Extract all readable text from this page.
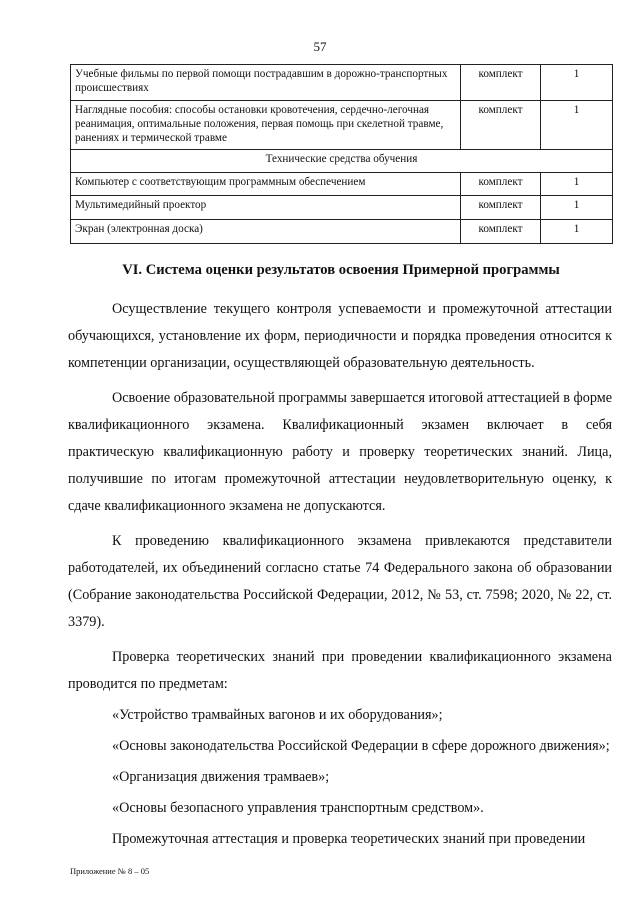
57
Учебные фильмы по первой помощи пострадавшим в дорожно-транспортных происшествиях	комплект	1
Наглядные пособия: способы остановки кровотечения, сердечно-легочная реанимация, оптимальные положения, первая помощь при скелетной травме, ранениях и термической травме	комплект	1
Технические средства обучения		
Компьютер с соответствующим программным обеспечением	комплект	1
Мультимедийный проектор	комплект	1
Экран (электронная доска)	комплект	1
VI. Система оценки результатов освоения Примерной программы

Осуществление текущего контроля успеваемости и промежуточной аттестации обучающихся, установление их форм, периодичности и порядка проведения относится к компетенции организации, осуществляющей образовательную деятельность.

Освоение образовательной программы завершается итоговой аттестацией в форме квалификационного экзамена. Квалификационный экзамен включает в себя практическую квалификационную работу и проверку теоретических знаний. Лица, получившие по итогам промежуточной аттестации неудовлетворительную оценку, к сдаче квалификационного экзамена не допускаются.

К проведению квалификационного экзамена привлекаются представители работодателей, их объединений согласно статье 74 Федерального закона об образовании (Собрание законодательства Российской Федерации, 2012, № 53, ст. 7598; 2020, № 22, ст. 3379).

Проверка теоретических знаний при проведении квалификационного экзамена проводится по предметам:

«Устройство трамвайных вагонов и их оборудования»;

«Основы законодательства Российской Федерации в сфере дорожного движения»;

«Организация движения трамваев»;

«Основы безопасного управления транспортным средством».

Промежуточная аттестация и проверка теоретических знаний при проведении

Приложение № 8 – 05
